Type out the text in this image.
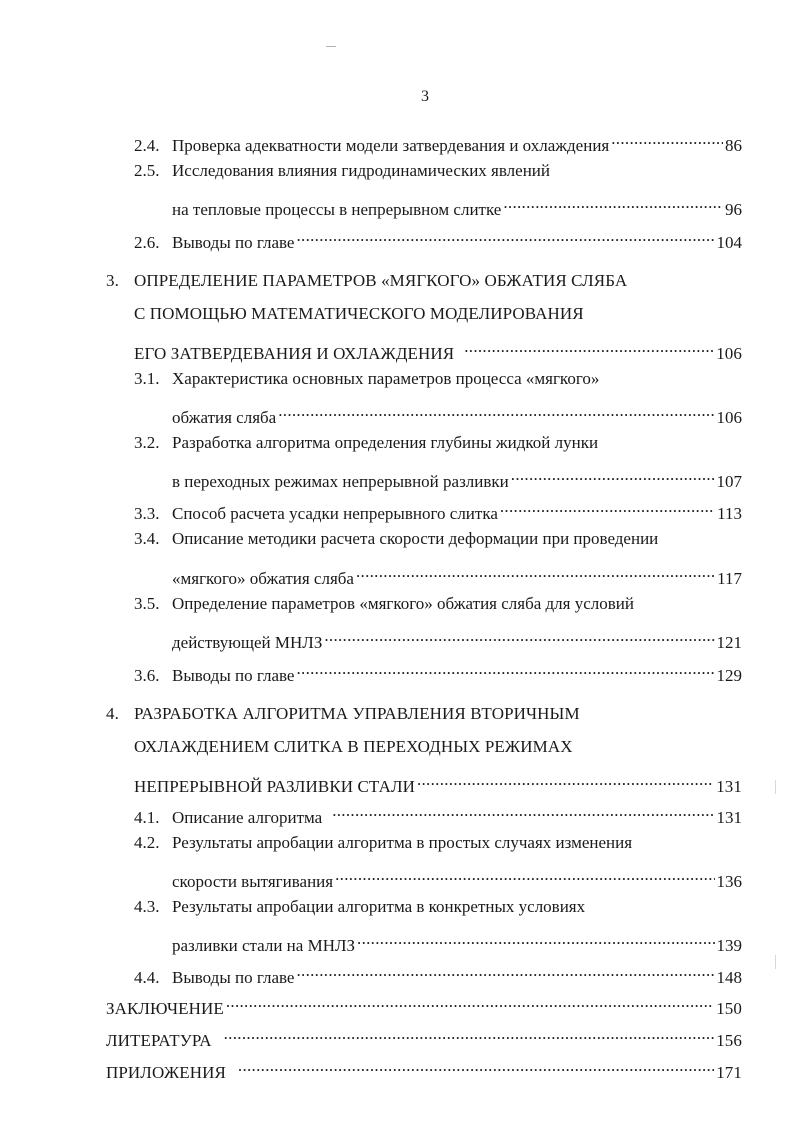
3
2.4. Проверка адекватности модели затвердевания и охлаждения .....	86
2.5. Исследования влияния гидродинамических явлений
на тепловые процессы в непрерывном слитке .....	96
2.6. Выводы по главе .....	104
3. ОПРЕДЕЛЕНИЕ ПАРАМЕТРОВ «МЯГКОГО» ОБЖАТИЯ СЛЯБА
С ПОМОЩЬЮ МАТЕМАТИЧЕСКОГО МОДЕЛИРОВАНИЯ
ЕГО ЗАТВЕРДЕВАНИЯ И ОХЛАЖДЕНИЯ .....	106
3.1. Характеристика основных параметров процесса «мягкого»
обжатия сляба .....	106
3.2. Разработка алгоритма определения глубины жидкой лунки
в переходных режимах непрерывной разливки .....	107
3.3. Способ расчета усадки непрерывного слитка .....	113
3.4. Описание методики расчета скорости деформации при проведении
«мягкого» обжатия сляба .....	117
3.5. Определение параметров «мягкого» обжатия сляба для условий
действующей МНЛЗ .....	121
3.6. Выводы по главе .....	129
4. РАЗРАБОТКА АЛГОРИТМА УПРАВЛЕНИЯ ВТОРИЧНЫМ
ОХЛАЖДЕНИЕМ СЛИТКА В ПЕРЕХОДНЫХ РЕЖИМАХ
НЕПРЕРЫВНОЙ РАЗЛИВКИ СТАЛИ .....	131
4.1. Описание алгоритма .....	131
4.2. Результаты апробации алгоритма в простых случаях изменения
скорости вытягивания .....	136
4.3. Результаты апробации алгоритма в конкретных условиях
разливки стали на МНЛЗ .....	139
4.4. Выводы по главе .....	148
ЗАКЛЮЧЕНИЕ .....	150
ЛИТЕРАТУРА .....	156
ПРИЛОЖЕНИЯ .....	171
